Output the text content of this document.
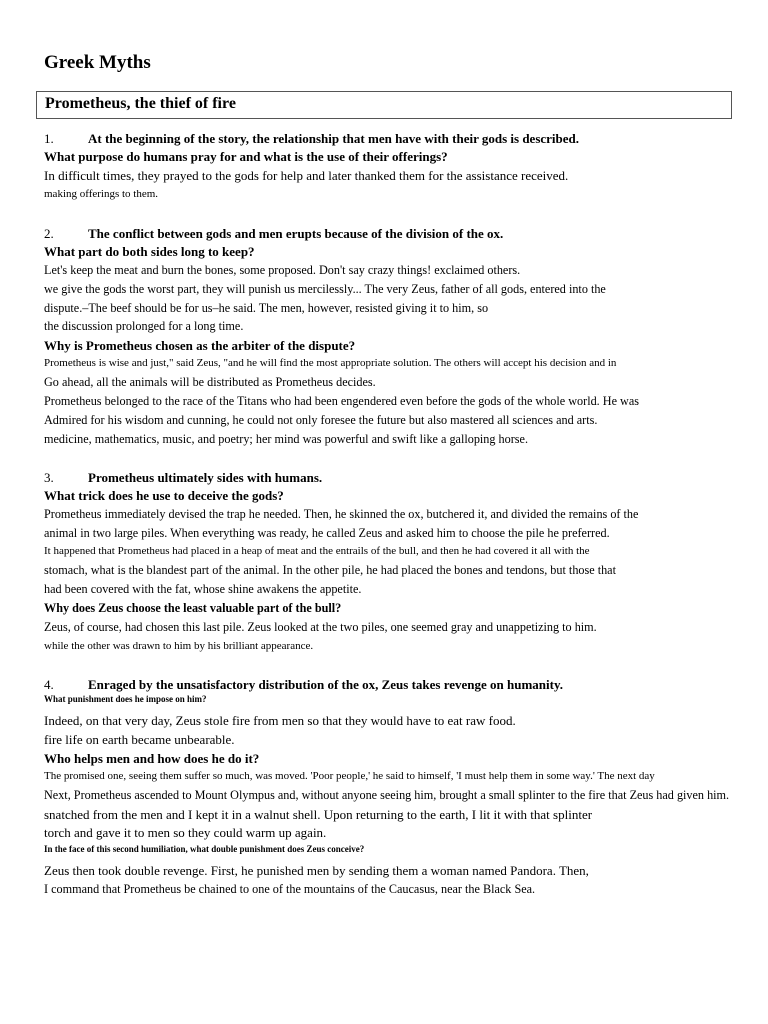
Greek Myths
Prometheus, the thief of fire
1.	At the beginning of the story, the relationship that men have with their gods is described.
What purpose do humans pray for and what is the use of their offerings?
In difficult times, they prayed to the gods for help and later thanked them for the assistance received.
making offerings to them.
2.	The conflict between gods and men erupts because of the division of the ox.
What part do both sides long to keep?
Let's keep the meat and burn the bones, some proposed. Don't say crazy things! exclaimed others.
we give the gods the worst part, they will punish us mercilessly... The very Zeus, father of all gods, entered into the
dispute.–The beef should be for us–he said. The men, however, resisted giving it to him, so
the discussion prolonged for a long time.
Why is Prometheus chosen as the arbiter of the dispute?
Prometheus is wise and just," said Zeus, "and he will find the most appropriate solution. The others will accept his decision and in
Go ahead, all the animals will be distributed as Prometheus decides.
Prometheus belonged to the race of the Titans who had been engendered even before the gods of the whole world. He was
Admired for his wisdom and cunning, he could not only foresee the future but also mastered all sciences and arts.
medicine, mathematics, music, and poetry; her mind was powerful and swift like a galloping horse.
3.	Prometheus ultimately sides with humans.
What trick does he use to deceive the gods?
Prometheus immediately devised the trap he needed. Then, he skinned the ox, butchered it, and divided the remains of the
animal in two large piles. When everything was ready, he called Zeus and asked him to choose the pile he preferred.
It happened that Prometheus had placed in a heap of meat and the entrails of the bull, and then he had covered it all with the
stomach, what is the blandest part of the animal. In the other pile, he had placed the bones and tendons, but those that
had been covered with the fat, whose shine awakens the appetite.
Why does Zeus choose the least valuable part of the bull?
Zeus, of course, had chosen this last pile. Zeus looked at the two piles, one seemed gray and unappetizing to him.
while the other was drawn to him by his brilliant appearance.
4.	Enraged by the unsatisfactory distribution of the ox, Zeus takes revenge on humanity.
What punishment does he impose on him?
Indeed, on that very day, Zeus stole fire from men so that they would have to eat raw food.
fire life on earth became unbearable.
Who helps men and how does he do it?
The promised one, seeing them suffer so much, was moved. 'Poor people,' he said to himself, 'I must help them in some way.' The next day
Next, Prometheus ascended to Mount Olympus and, without anyone seeing him, brought a small splinter to the fire that Zeus had given him.
snatched from the men and I kept it in a walnut shell. Upon returning to the earth, I lit it with that splinter
torch and gave it to men so they could warm up again.
In the face of this second humiliation, what double punishment does Zeus conceive?
Zeus then took double revenge. First, he punished men by sending them a woman named Pandora. Then,
I command that Prometheus be chained to one of the mountains of the Caucasus, near the Black Sea.
